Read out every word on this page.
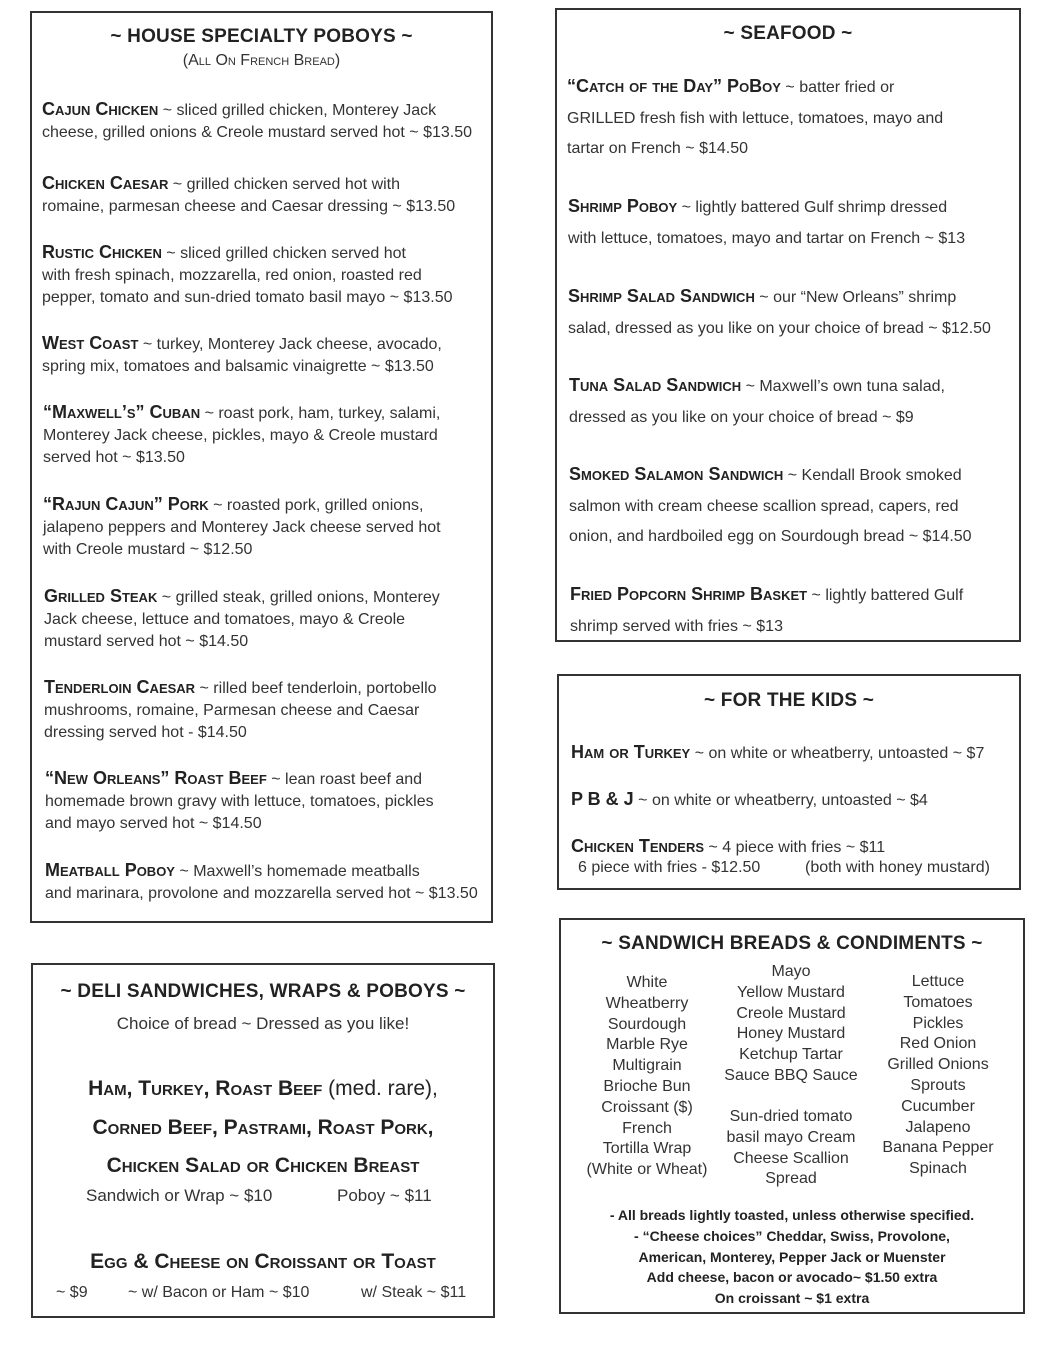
~ HOUSE SPECIALTY POBOYS ~
(All On French Bread)
Cajun Chicken ~ sliced grilled chicken, Monterey Jack
cheese, grilled onions & Creole mustard served hot ~ $13.50
Chicken Caesar ~ grilled chicken served hot with
romaine, parmesan cheese and Caesar dressing ~ $13.50
Rustic Chicken ~ sliced grilled chicken served hot
with fresh spinach, mozzarella, red onion, roasted red
pepper, tomato and sun-dried tomato basil mayo ~ $13.50
West Coast ~ turkey, Monterey Jack cheese, avocado,
spring mix, tomatoes and balsamic vinaigrette ~ $13.50
“Maxwell’s” Cuban ~ roast pork, ham, turkey, salami,
Monterey Jack cheese, pickles, mayo & Creole mustard
served hot ~ $13.50
“Rajun Cajun” Pork ~ roasted pork, grilled onions,
jalapeno peppers and Monterey Jack cheese served hot
with Creole mustard ~ $12.50
Grilled Steak ~ grilled steak, grilled onions, Monterey
Jack cheese, lettuce and tomatoes, mayo & Creole
mustard served hot ~ $14.50
Tenderloin Caesar ~ rilled beef tenderloin, portobello
mushrooms, romaine, Parmesan cheese and Caesar
dressing served hot - $14.50
“New Orleans” Roast Beef ~ lean roast beef and
homemade brown gravy with lettuce, tomatoes, pickles
and mayo served hot ~ $14.50
Meatball Poboy ~ Maxwell’s homemade meatballs
and marinara, provolone and mozzarella served hot ~ $13.50
~ DELI SANDWICHES, WRAPS & POBOYS ~
Choice of bread ~ Dressed as you like!
Ham, Turkey, Roast Beef (med. rare),
Corned Beef, Pastrami, Roast Pork,
Chicken Salad or Chicken Breast
Sandwich or Wrap ~ $10	Poboy ~ $11
Egg & Cheese on Croissant or Toast
~ $9	~ w/ Bacon or Ham ~ $10	w/ Steak ~ $11
~ SEAFOOD ~
“Catch of the Day” PoBoy ~ batter fried or
GRILLED fresh fish with lettuce, tomatoes, mayo and
tartar on French ~ $14.50
Shrimp Poboy ~ lightly battered Gulf shrimp dressed
with lettuce, tomatoes, mayo and tartar on French ~ $13
Shrimp Salad Sandwich ~ our “New Orleans” shrimp
salad, dressed as you like on your choice of bread ~ $12.50
Tuna Salad Sandwich ~ Maxwell’s own tuna salad,
dressed as you like on your choice of bread ~ $9
Smoked Salamon Sandwich ~ Kendall Brook smoked
salmon with cream cheese scallion spread, capers, red
onion, and hardboiled egg on Sourdough bread ~ $14.50
Fried Popcorn Shrimp Basket ~ lightly battered Gulf
shrimp served with fries ~ $13
~ FOR THE KIDS ~
Ham or Turkey ~ on white or wheatberry, untoasted ~ $7
P B & J ~ on white or wheatberry, untoasted ~ $4
Chicken Tenders ~ 4 piece with fries ~ $11
6 piece with fries - $12.50	(both with honey mustard)
~ SANDWICH BREADS & CONDIMENTS ~
White
Wheatberry
Sourdough
Marble Rye
Multigrain
Brioche Bun
Croissant ($)
French
Tortilla Wrap
(White or Wheat)
Mayo
Yellow Mustard
Creole Mustard
Honey Mustard
Ketchup Tartar
Sauce BBQ Sauce
Sun-dried tomato
basil mayo Cream
Cheese Scallion
Spread
Lettuce
Tomatoes
Pickles
Red Onion
Grilled Onions
Sprouts
Cucumber
Jalapeno
Banana Pepper
Spinach
- All breads lightly toasted, unless otherwise specified.
- “Cheese choices” Cheddar, Swiss, Provolone,
American, Monterey, Pepper Jack or Muenster
Add cheese, bacon or avocado~ $1.50 extra
On croissant ~ $1 extra
